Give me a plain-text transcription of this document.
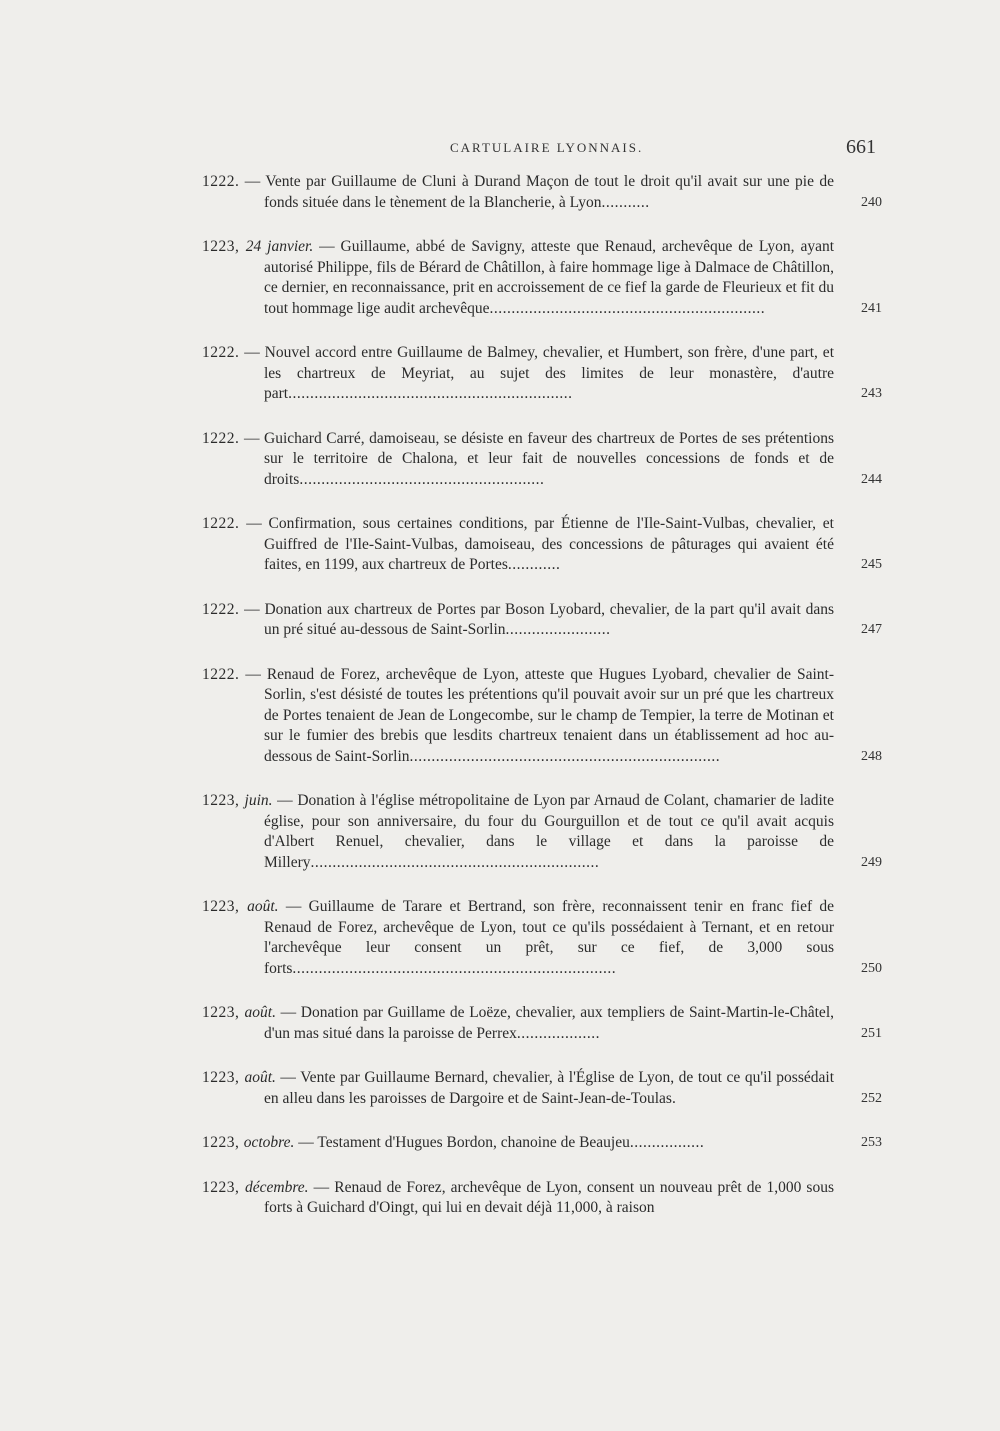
CARTULAIRE LYONNAIS.	661
1222. — Vente par Guillaume de Cluni à Durand Maçon de tout le droit qu'il avait sur une pie de fonds située dans le tènement de la Blancherie, à Lyon...........	240
1223, 24 janvier. — Guillaume, abbé de Savigny, atteste que Renaud, archevêque de Lyon, ayant autorisé Philippe, fils de Bérard de Châtillon, à faire hommage lige à Dalmace de Châtillon, ce dernier, en reconnaissance, prit en accroissement de ce fief la garde de Fleurieux et fit du tout hommage lige audit archevêque...............................................................	241
1222. — Nouvel accord entre Guillaume de Balmey, chevalier, et Humbert, son frère, d'une part, et les chartreux de Meyriat, au sujet des limites de leur monastère, d'autre part.................................................................	243
1222. — Guichard Carré, damoiseau, se désiste en faveur des chartreux de Portes de ses prétentions sur le territoire de Chalona, et leur fait de nouvelles concessions de fonds et de droits........................................................	244
1222. — Confirmation, sous certaines conditions, par Étienne de l'Ile-Saint-Vulbas, chevalier, et Guiffred de l'Ile-Saint-Vulbas, damoiseau, des concessions de pâturages qui avaient été faites, en 1199, aux chartreux de Portes............	245
1222. — Donation aux chartreux de Portes par Boson Lyobard, chevalier, de la part qu'il avait dans un pré situé au-dessous de Saint-Sorlin........................	247
1222. — Renaud de Forez, archevêque de Lyon, atteste que Hugues Lyobard, chevalier de Saint-Sorlin, s'est désisté de toutes les prétentions qu'il pouvait avoir sur un pré que les chartreux de Portes tenaient de Jean de Longecombe, sur le champ de Tempier, la terre de Motinan et sur le fumier des brebis que lesdits chartreux tenaient dans un établissement ad hoc au-dessous de Saint-Sorlin.......................................................................	248
1223, juin. — Donation à l'église métropolitaine de Lyon par Arnaud de Colant, chamarier de ladite église, pour son anniversaire, du four du Gourguillon et de tout ce qu'il avait acquis d'Albert Renuel, chevalier, dans le village et dans la paroisse de Millery..................................................................	249
1223, août. — Guillaume de Tarare et Bertrand, son frère, reconnaissent tenir en franc fief de Renaud de Forez, archevêque de Lyon, tout ce qu'ils possédaient à Ternant, et en retour l'archevêque leur consent un prêt, sur ce fief, de 3,000 sous forts..........................................................................	250
1223, août. — Donation par Guillame de Loëze, chevalier, aux templiers de Saint-Martin-le-Châtel, d'un mas situé dans la paroisse de Perrex...................	251
1223, août. — Vente par Guillaume Bernard, chevalier, à l'Église de Lyon, de tout ce qu'il possédait en alleu dans les paroisses de Dargoire et de Saint-Jean-de-Toulas.	252
1223, octobre. — Testament d'Hugues Bordon, chanoine de Beaujeu.................	253
1223, décembre. — Renaud de Forez, archevêque de Lyon, consent un nouveau prêt de 1,000 sous forts à Guichard d'Oingt, qui lui en devait déjà 11,000, à raison
